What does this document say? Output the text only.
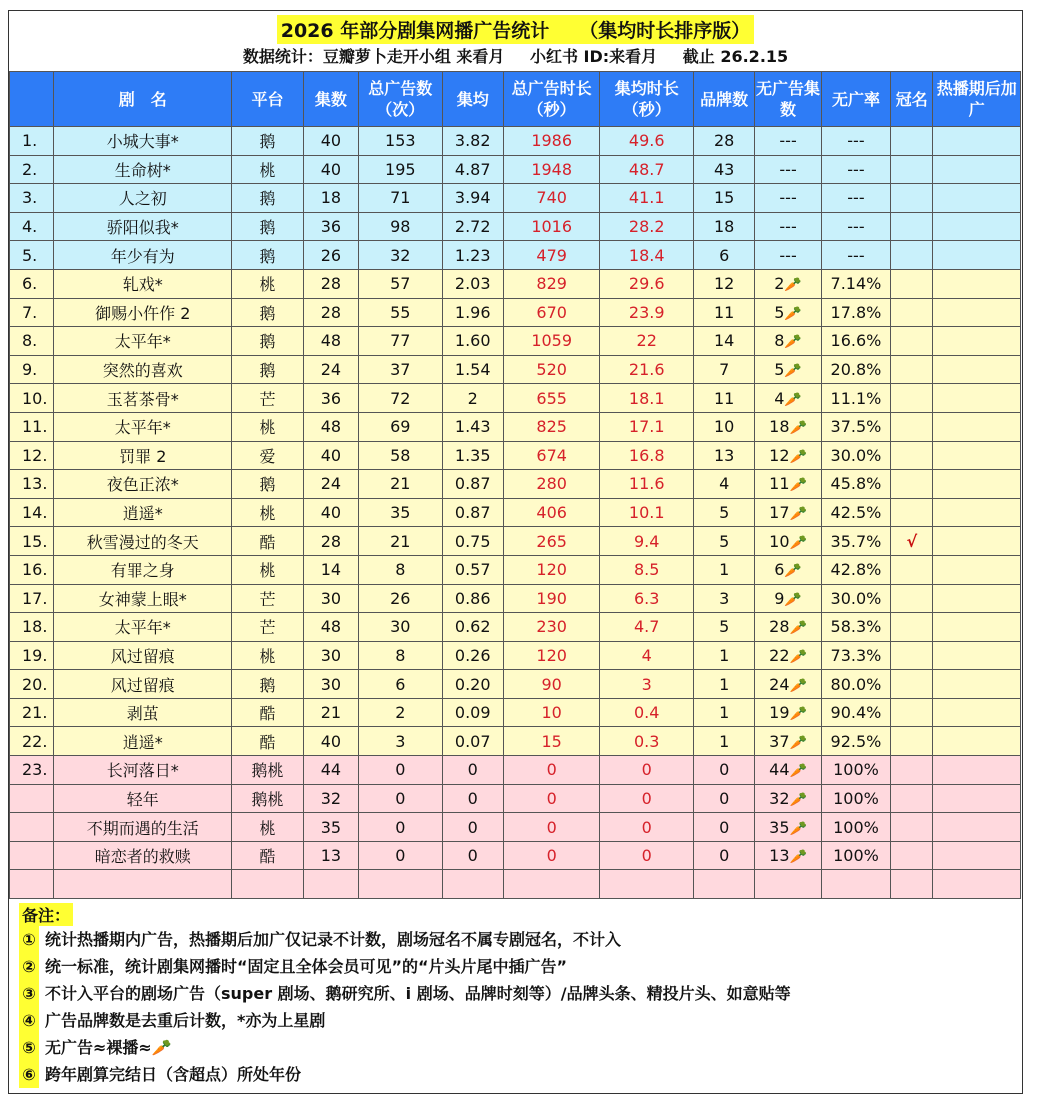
2026 年部分剧集网播广告统计 （集均时长排序版）
数据统计：豆瓣萝卜走开小组 来看月 小红书 ID:来看月 截止 26.2.15
	剧　名	平台	集数	总广告数（次）	集均	总广告时长（秒）	集均时长（秒）	品牌数	无广告集数	无广率	冠名	热播期后加广
1.	小城大事*	鹅	40	153	3.82	1986	49.6	28	---	---		
2.	生命树*	桃	40	195	4.87	1948	48.7	43	---	---		
3.	人之初	鹅	18	71	3.94	740	41.1	15	---	---		
4.	骄阳似我*	鹅	36	98	2.72	1016	28.2	18	---	---		
5.	年少有为	鹅	26	32	1.23	479	18.4	6	---	---		
6.	轧戏*	桃	28	57	2.03	829	29.6	12	2🥕	7.14%		
7.	御赐小仵作 2	鹅	28	55	1.96	670	23.9	11	5🥕	17.8%		
8.	太平年*	鹅	48	77	1.60	1059	22	14	8🥕	16.6%		
9.	突然的喜欢	鹅	24	37	1.54	520	21.6	7	5🥕	20.8%		
10.	玉茗茶骨*	芒	36	72	2	655	18.1	11	4🥕	11.1%		
11.	太平年*	桃	48	69	1.43	825	17.1	10	18🥕	37.5%		
12.	罚罪 2	爱	40	58	1.35	674	16.8	13	12🥕	30.0%		
13.	夜色正浓*	鹅	24	21	0.87	280	11.6	4	11🥕	45.8%		
14.	逍遥*	桃	40	35	0.87	406	10.1	5	17🥕	42.5%		
15.	秋雪漫过的冬天	酷	28	21	0.75	265	9.4	5	10🥕	35.7%	√	
16.	有罪之身	桃	14	8	0.57	120	8.5	1	6🥕	42.8%		
17.	女神蒙上眼*	芒	30	26	0.86	190	6.3	3	9🥕	30.0%		
18.	太平年*	芒	48	30	0.62	230	4.7	5	28🥕	58.3%		
19.	风过留痕	桃	30	8	0.26	120	4	1	22🥕	73.3%		
20.	风过留痕	鹅	30	6	0.20	90	3	1	24🥕	80.0%		
21.	剥茧	酷	21	2	0.09	10	0.4	1	19🥕	90.4%		
22.	逍遥*	酷	40	3	0.07	15	0.3	1	37🥕	92.5%		
23.	长河落日*	鹅桃	44	0	0	0	0	0	44🥕	100%		
	轻年	鹅桃	32	0	0	0	0	0	32🥕	100%		
	不期而遇的生活	桃	35	0	0	0	0	0	35🥕	100%		
	暗恋者的救赎	酷	13	0	0	0	0	0	13🥕	100%		

备注：
① 统计热播期内广告，热播期后加广仅记录不计数，剧场冠名不属专剧冠名，不计入
② 统一标准，统计剧集网播时“固定且全体会员可见”的“片头片尾中插广告”
③ 不计入平台的剧场广告（super 剧场、鹅研究所、i 剧场、品牌时刻等）/品牌头条、精投片头、如意贴等
④ 广告品牌数是去重后计数，*亦为上星剧
⑤ 无广告≈裸播≈🥕
⑥ 跨年剧算完结日（含超点）所处年份
